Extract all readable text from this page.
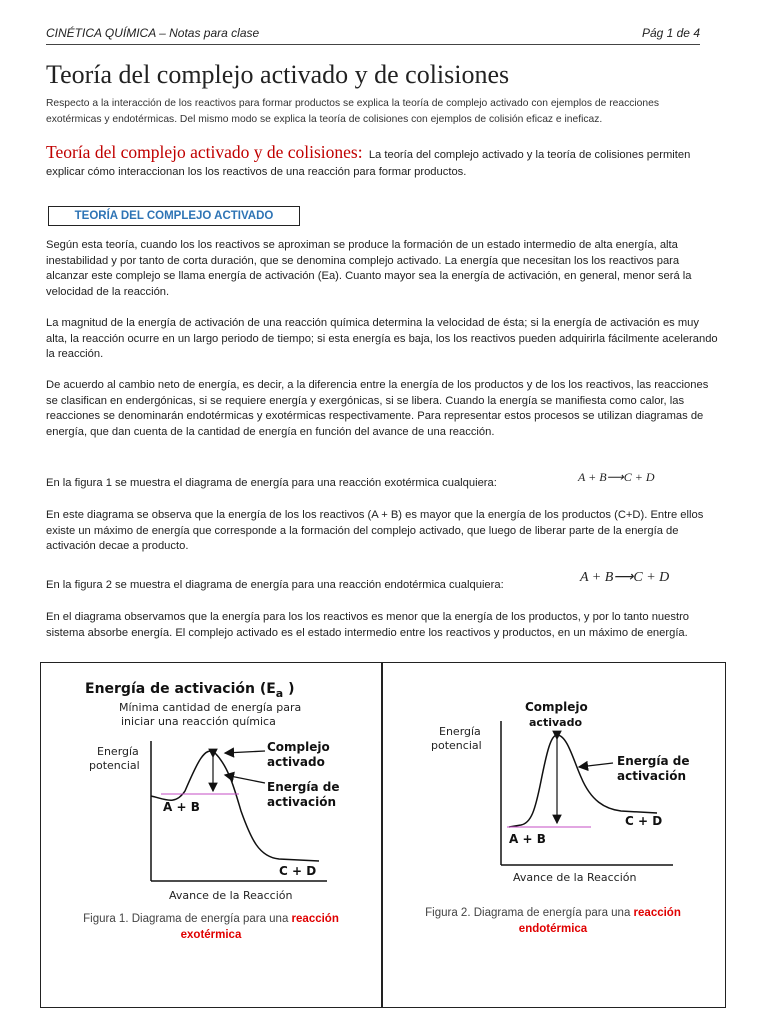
CINÉTICA QUÍMICA – Notas para clase	Pág 1 de 4
Teoría del complejo activado y de colisiones
Respecto a la interacción de los reactivos para formar productos se explica la teoría de complejo activado con ejemplos de reacciones exotérmicas y endotérmicas. Del mismo modo se explica la teoría de colisiones con ejemplos de colisión eficaz e ineficaz.
Teoría del complejo activado y de colisiones: La teoría del complejo activado y la teoría de colisiones permiten explicar cómo interaccionan los los reactivos de una reacción para formar productos.
TEORÍA DEL COMPLEJO ACTIVADO

Según esta teoría, cuando los los reactivos se aproximan se produce la formación de un estado intermedio de alta energía, alta inestabilidad y por tanto de corta duración, que se denomina complejo activado. La energía que necesitan los los reactivos para alcanzar este complejo se llama energía de activación (Ea). Cuanto mayor sea la energía de activación, en general, menor será la velocidad de la reacción.

La magnitud de la energía de activación de una reacción química determina la velocidad de ésta; si la energía de activación es muy alta, la reacción ocurre en un largo periodo de tiempo; si esta energía es baja, los los reactivos pueden adquirirla fácilmente acelerando la reacción.

De acuerdo al cambio neto de energía, es decir, a la diferencia entre la energía de los productos y de los los reactivos, las reacciones se clasifican en endergónicas, si se requiere energía y exergónicas, si se libera. Cuando la energía se manifiesta como calor, las reacciones se denominarán endotérmicas y exotérmicas respectivamente. Para representar estos procesos se utilizan diagramas de energía, que dan cuenta de la cantidad de energía en función del avance de una reacción.

En la figura 1 se muestra el diagrama de energía para una reacción exotérmica cualquiera:	A + B⟶C + D

En este diagrama se observa que la energía de los los reactivos (A + B) es mayor que la energía de los productos (C+D). Entre ellos existe un máximo de energía que corresponde a la formación del complejo activado, que luego de liberar parte de la energía de activación decae a producto.

En la figura 2 se muestra el diagrama de energía para una reacción endotérmica cualquiera:	A + B⟶C + D

En el diagrama observamos que la energía para los los reactivos es menor que la energía de los productos, y por lo tanto nuestro sistema absorbe energía. El complejo activado es el estado intermedio entre los reactivos y productos, en un máximo de energía.

Energía de activación ($E_a$ )
Mínima cantidad de energía para
iniciar una reacción química
Energía
potencial
Complejo
activado
Energía de
activación
A + B
C + D
Avance de la Reacción
Figura 1. Diagrama de energía para una reacción
exotérmica
Complejo
activado
Energía
potencial
Energía de
activación
C + D
A + B
Avance de la Reacción
Figura 2. Diagrama de energía para una reacción
endotérmica
